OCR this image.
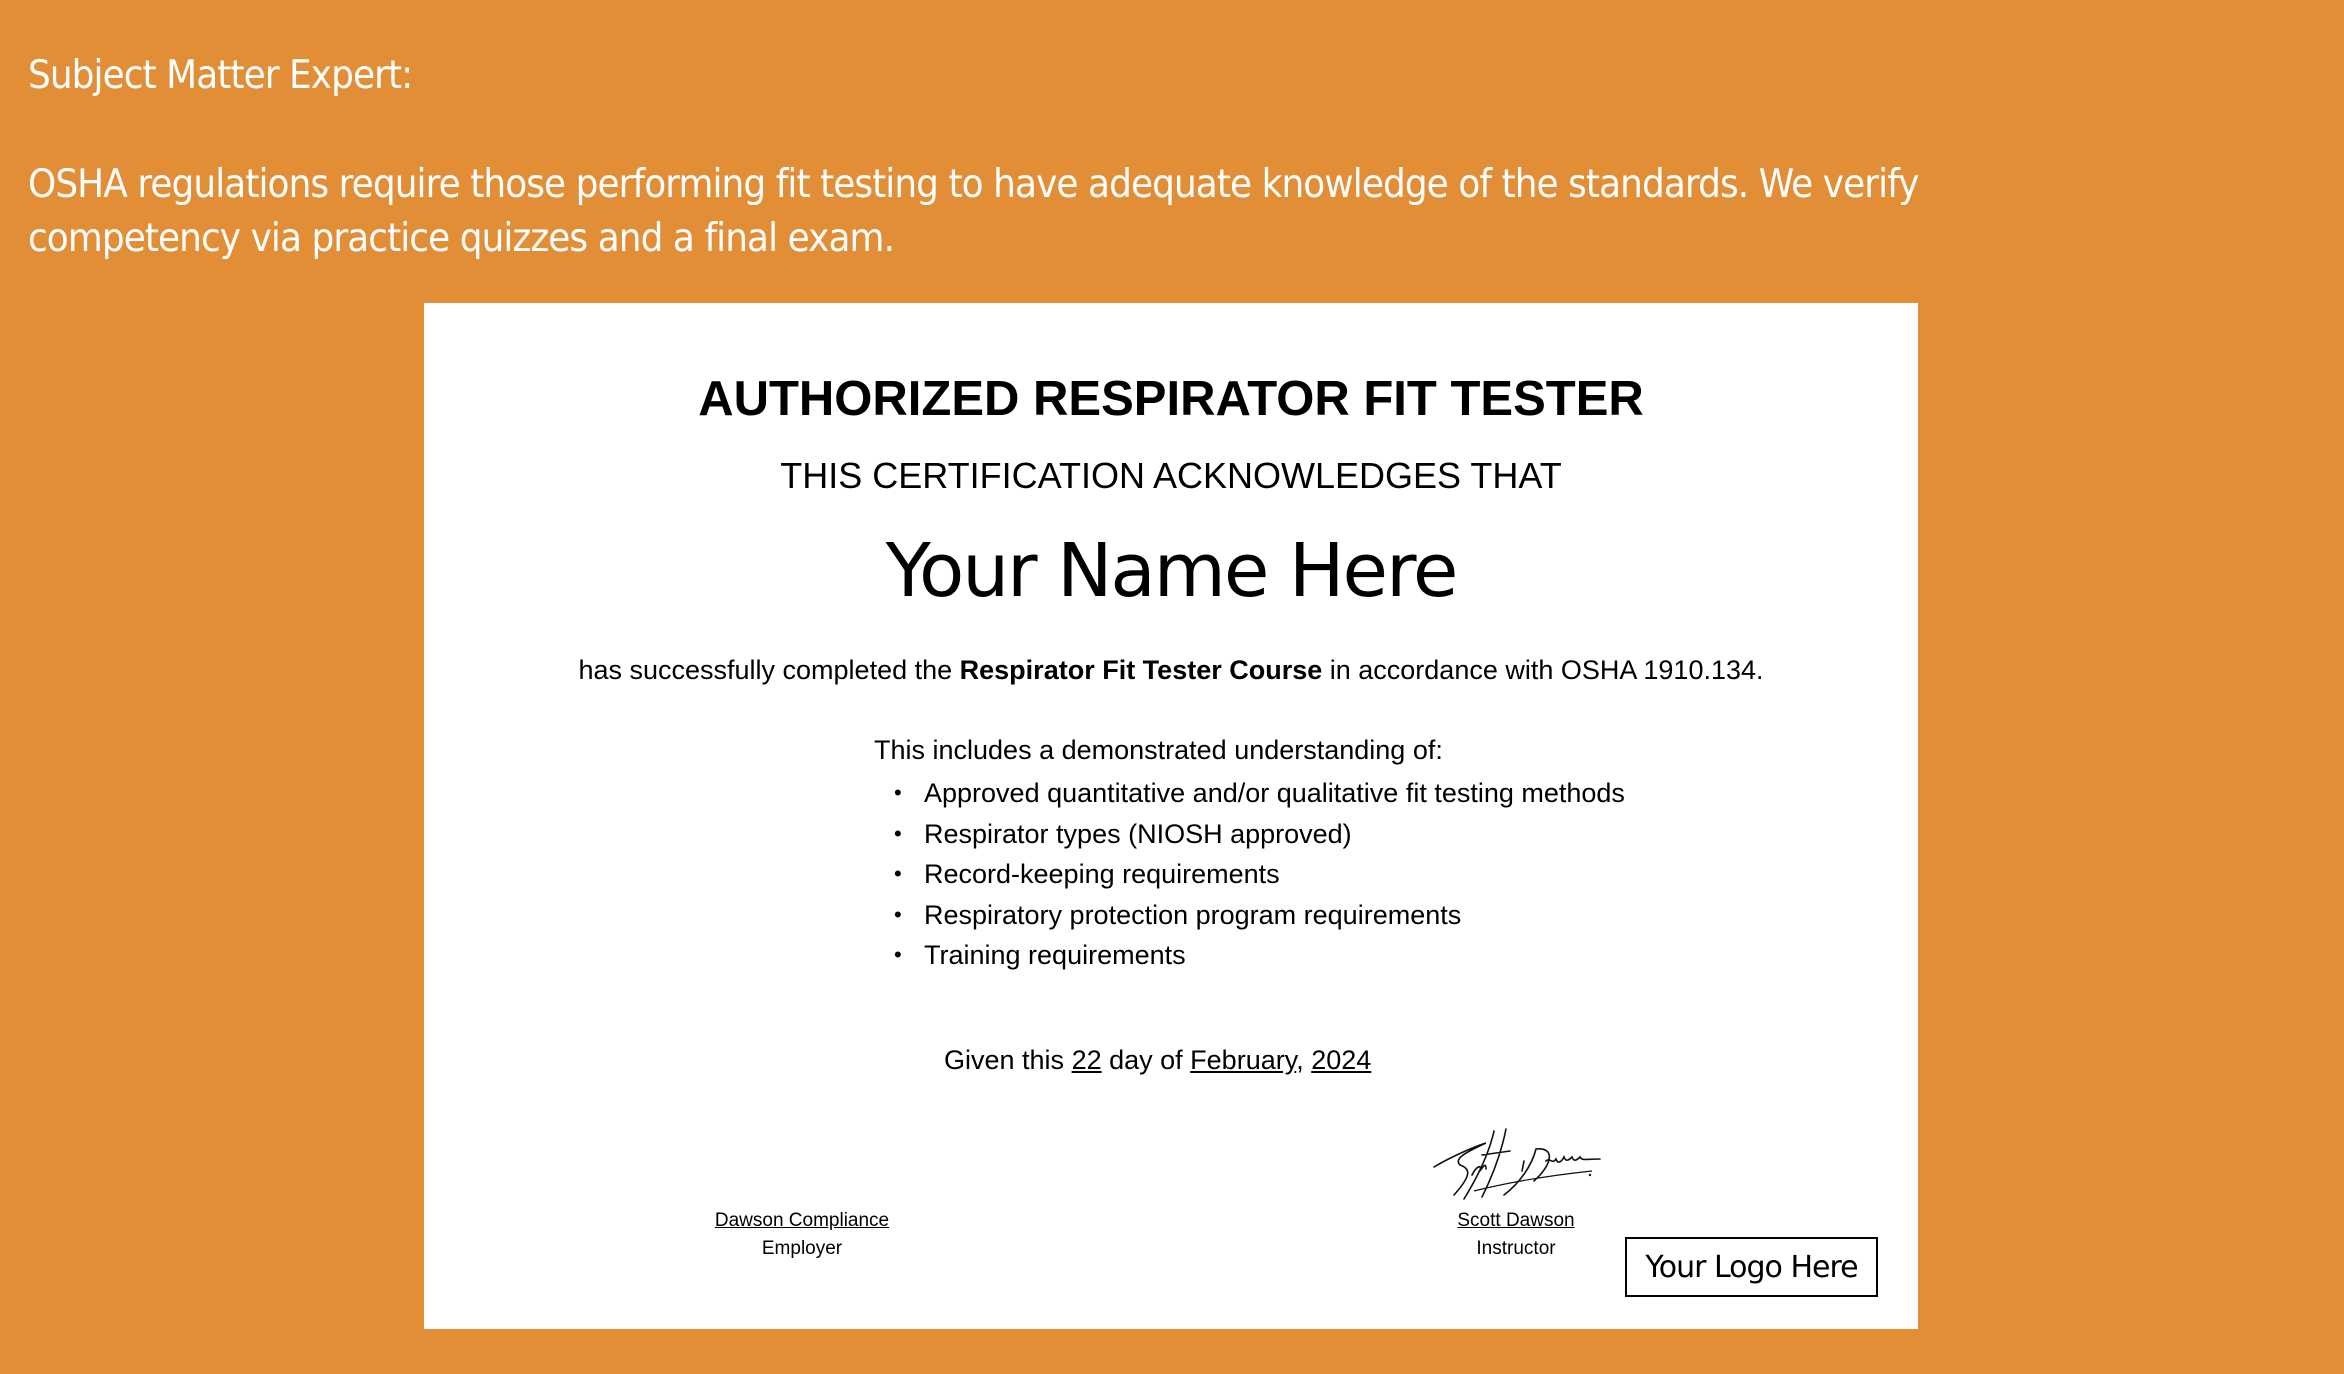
Subject Matter Expert:
OSHA regulations require those performing fit testing to have adequate knowledge of the standards. We verify
competency via practice quizzes and a final exam.
AUTHORIZED RESPIRATOR FIT TESTER
THIS CERTIFICATION ACKNOWLEDGES THAT
Your Name Here
has successfully completed the Respirator Fit Tester Course in accordance with OSHA 1910.134.
This includes a demonstrated understanding of:
• Approved quantitative and/or qualitative fit testing methods
• Respirator types (NIOSH approved)
• Record-keeping requirements
• Respiratory protection program requirements
• Training requirements
Given this 22 day of February, 2024
Dawson Compliance
Employer
Scott Dawson
Instructor
Your Logo Here
